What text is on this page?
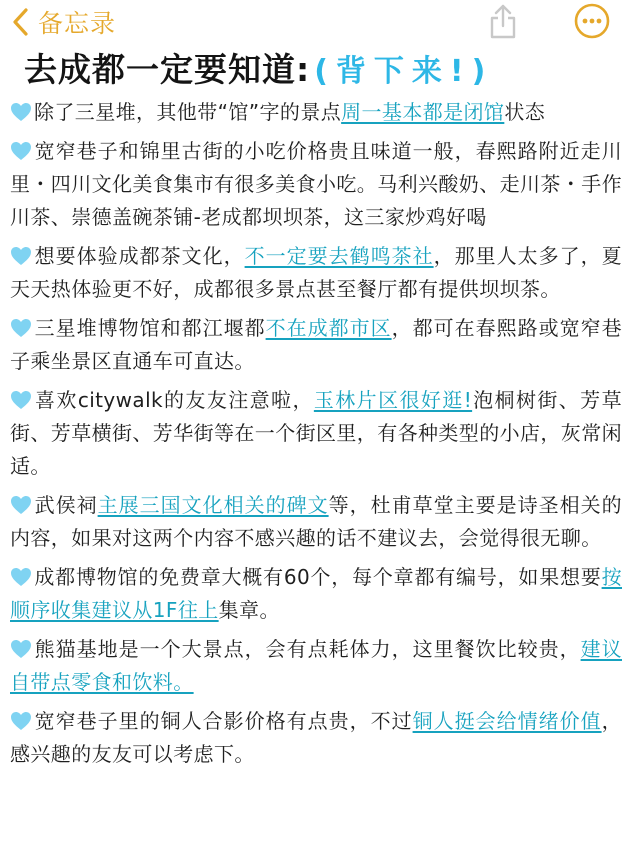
备忘录
去成都一定要知道: (背下来!)
除了三星堆，其他带“馆”字的景点周一基本都是闭馆状态
宽窄巷子和锦里古街的小吃价格贵且味道一般，春熙路附近走川里・四川文化美食集市有很多美食小吃。马利兴酸奶、走川茶・手作川茶、崇德盖碗茶铺-老成都坝坝茶，这三家炒鸡好喝
想要体验成都茶文化，不一定要去鹤鸣茶社，那里人太多了，夏天天热体验更不好，成都很多景点甚至餐厅都有提供坝坝茶。
三星堆博物馆和都江堰都不在成都市区，都可在春熙路或宽窄巷子乘坐景区直通车可直达。
喜欢citywalk的友友注意啦，玉林片区很好逛!泡桐树街、芳草街、芳草横街、芳华街等在一个街区里，有各种类型的小店，灰常闲适。
武侯祠主展三国文化相关的碑文等，杜甫草堂主要是诗圣相关的内容，如果对这两个内容不感兴趣的话不建议去，会觉得很无聊。
成都博物馆的免费章大概有60个，每个章都有编号，如果想要按顺序收集建议从1F往上集章。
熊猫基地是一个大景点，会有点耗体力，这里餐饮比较贵，建议自带点零食和饮料。
宽窄巷子里的铜人合影价格有点贵，不过铜人挺会给情绪价值，感兴趣的友友可以考虑下。
